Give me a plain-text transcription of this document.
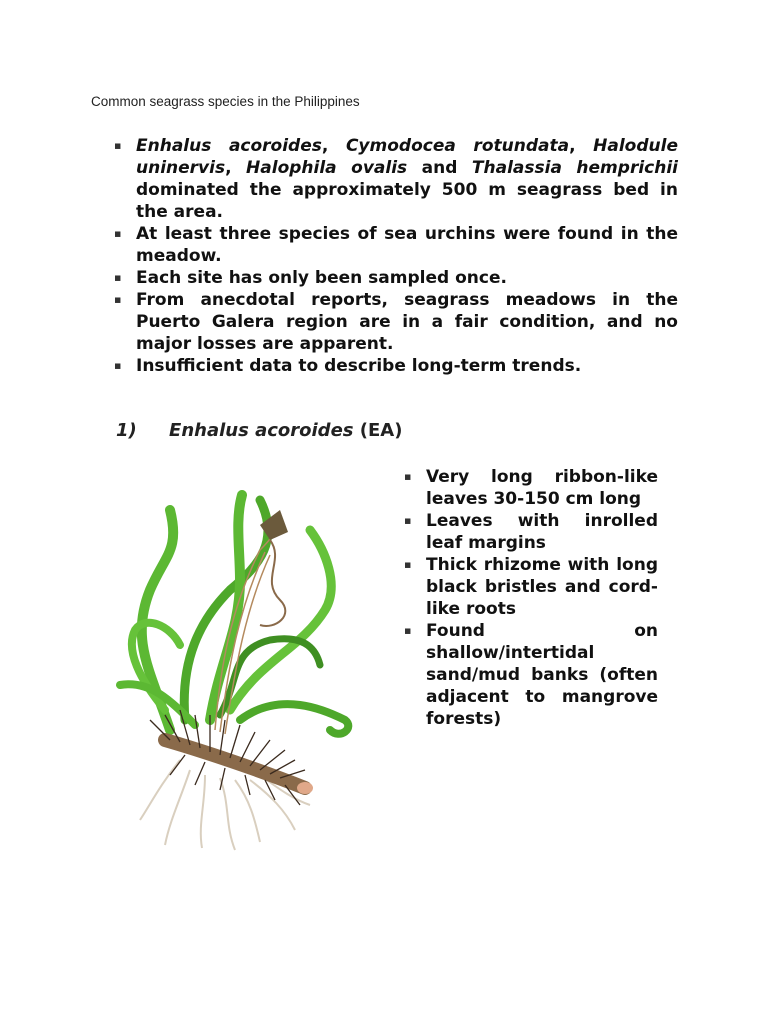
Common seagrass species in the Philippines
▪ Enhalus acoroides, Cymodocea rotundata, Halodule uninervis, Halophila ovalis and Thalassia hemprichii dominated the approximately 500 m seagrass bed in the area.
▪ At least three species of sea urchins were found in the meadow.
▪ Each site has only been sampled once.
▪ From anecdotal reports, seagrass meadows in the Puerto Galera region are in a fair condition, and no major losses are apparent.
▪ Insufficient data to describe long-term trends.
1) Enhalus acoroides (EA)
▪ Very long ribbon-like leaves 30-150 cm long
▪ Leaves with inrolled leaf margins
▪ Thick rhizome with long black bristles and cord-like roots
▪ Found on shallow/intertidal sand/mud banks (often adjacent to mangrove forests)
